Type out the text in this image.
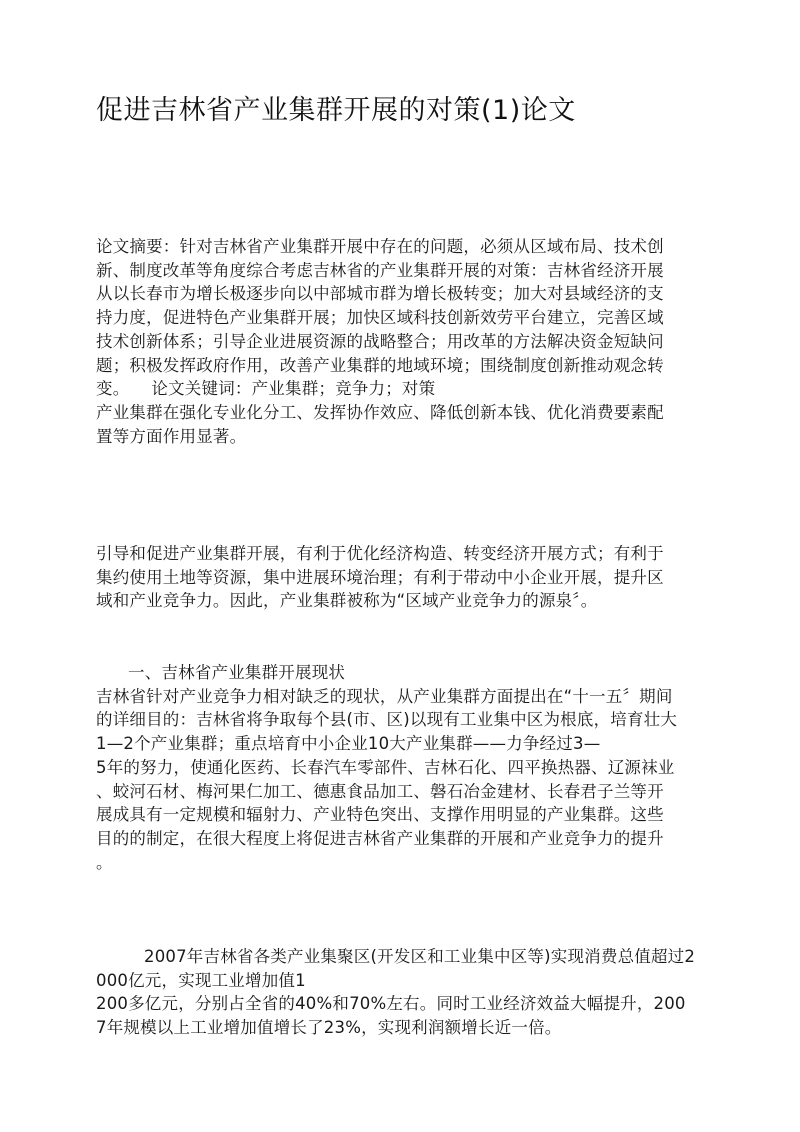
促进吉林省产业集群开展的对策(1)论文
论文摘要：针对吉林省产业集群开展中存在的问题，必须从区域布局、技术创
新、制度改革等角度综合考虑吉林省的产业集群开展的对策：吉林省经济开展
从以长春市为增长极逐步向以中部城市群为增长极转变；加大对县域经济的支
持力度，促进特色产业集群开展；加快区域科技创新效劳平台建立，完善区域
技术创新体系；引导企业进展资源的战略整合；用改革的方法解决资金短缺问
题；积极发挥政府作用，改善产业集群的地域环境；围绕制度创新推动观念转
变。 论文关键词：产业集群；竞争力；对策
产业集群在强化专业化分工、发挥协作效应、降低创新本钱、优化消费要素配
置等方面作用显著。
引导和促进产业集群开展，有利于优化经济构造、转变经济开展方式；有利于
集约使用土地等资源，集中进展环境治理；有利于带动中小企业开展，提升区
域和产业竞争力。因此，产业集群被称为“区域产业竞争力的源泉〞。
一、吉林省产业集群开展现状
吉林省针对产业竞争力相对缺乏的现状，从产业集群方面提出在“十一五〞期间
的详细目的：吉林省将争取每个县(市、区)以现有工业集中区为根底，培育壮大
1—2个产业集群；重点培育中小企业10大产业集群——力争经过3—
5年的努力，使通化医药、长春汽车零部件、吉林石化、四平换热器、辽源袜业
、蛟河石材、梅河果仁加工、德惠食品加工、磐石冶金建材、长春君子兰等开
展成具有一定规模和辐射力、产业特色突出、支撑作用明显的产业集群。这些
目的的制定，在很大程度上将促进吉林省产业集群的开展和产业竞争力的提升
。
2007年吉林省各类产业集聚区(开发区和工业集中区等)实现消费总值超过2
000亿元，实现工业增加值1
200多亿元，分别占全省的40%和70%左右。同时工业经济效益大幅提升，200
7年规模以上工业增加值增长了23%，实现利润额增长近一倍。
